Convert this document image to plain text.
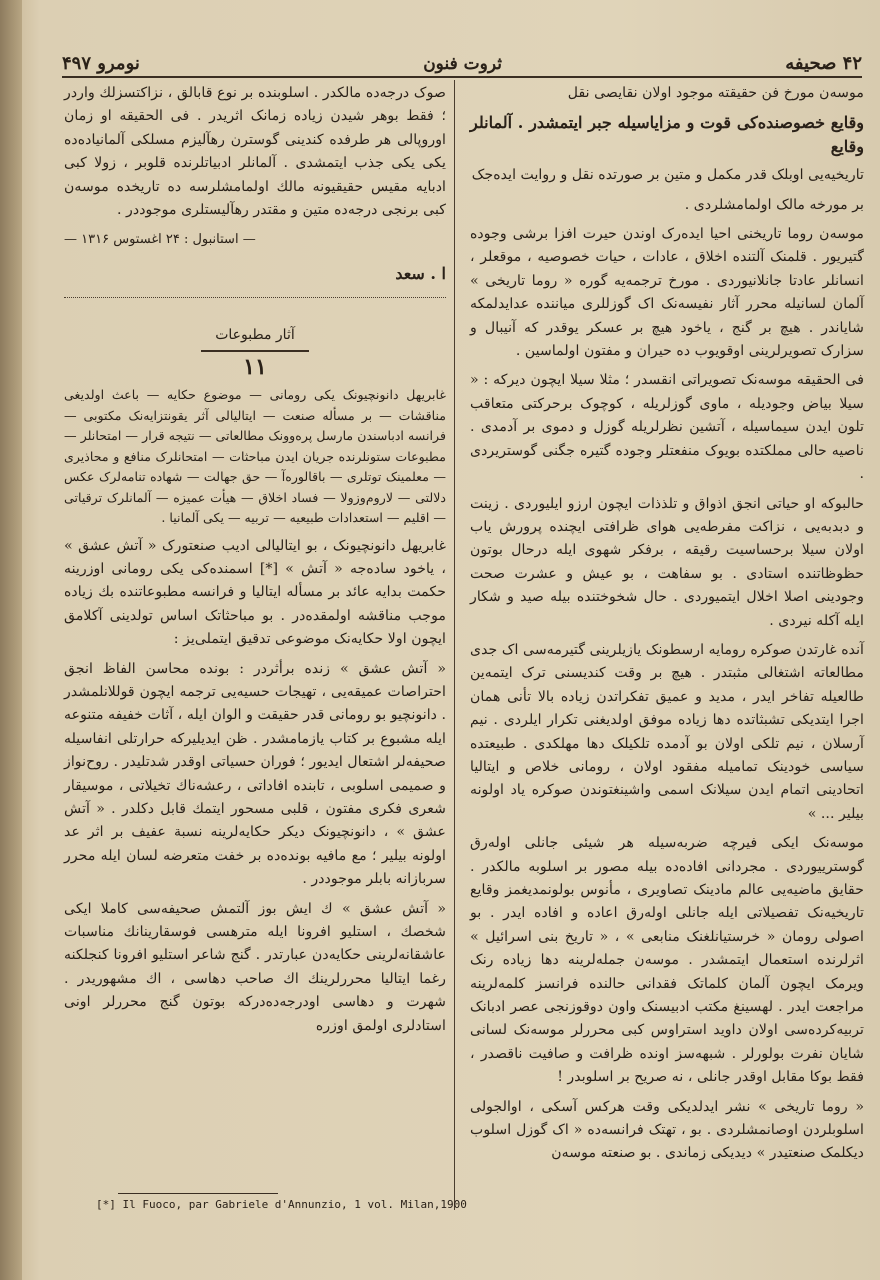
۴۲ صحیفه
ثروت فنون
نومرو ۴۹۷

موسه‌ن مورخ فن حقیقته موجود اولان نقایصی نقل

وقایع خصوصنده‌کی قوت و مزایاسیله جبر ایتمشدر . آلمانلر وقایع

تاریخیه‌یی اوبلک قدر مکمل و متین بر صورتده نقل و روایت ایده‌جک

بر مورخه مالک اولمامشلردی .

موسه‌ن روما تاریخنی احیا ایده‌رک اوندن حیرت افزا برشی وجوده گتیریور . قلمنک آلتنده اخلاق ، عادات ، حیات خصوصیه ، موقعلر ، انسانلر عادتا جانلانیوردی . مورخ ترجمه‌یه گوره « روما تاریخی » آلمان لسانیله محرر آثار نفیسه‌نک اک گوزللری میاننده عدایدلمکه شایاندر . هیچ بر گنج ، یاخود هیچ بر عسکر یوقدر که آنیبال و سزارک تصویرلرینی اوقویوب ده حیران و مفتون اولماسین .

فی الحقیقه موسه‌نک تصویراتی انقسدر ؛ مثلا سیلا ایچون دیرکه : « سیلا بیاض وجودیله ، ماوی گوزلریله ، کوچوک برحرکتی متعاقب تلون ایدن سیماسیله ، آتشین نظرلریله گوزل و دموی بر آدمدی . ناصیه حالی مملکتده بویوک منفعتلر وجوده گتیره جگنی گوستریردی .

حالبوکه او حیاتی انجق اذواق و تلذذات ایچون ارزو ایلیوردی . زینت و دبدبه‌یی ، نزاکت مفرطه‌یی هوای ظرافتی ایچنده پرورش یاب اولان سیلا برحساسیت رقیقه ، برفکر شهوی ایله درحال بوتون حظوظاتنده استادی . بو سفاهت ، بو عیش و عشرت صحت وجودینی اصلا اخلال ایتمیوردی . حال شخوختنده بیله صید و شکار ایله آکله نیردی .

آنده غارتدن صوکره رومایه ارسطونک یازیلرینی گتیرمه‌سی اک جدی مطالعاته اشتغالی مثبتدر . هیچ بر وقت کندیسنی ترک ایتمه‌ین طالعیله تفاخر ایدر ، مدید و عمیق تفکراتدن زیاده بالا تأنی همان اجرا ایتدیکی تشبثاتده دها زیاده موفق اولدیغنی تکرار ایلردی . نیم آرسلان ، نیم تلکی اولان بو آدمده تلکیلک دها مهلکدی . طبیعتده سیاسی خودینک تمامیله مفقود اولان ، رومانی خلاص و ایتالیا اتحادینی اتمام ایدن سیلانک اسمی واشینغتوندن صوکره یاد اولونه بیلیر ... »

موسه‌نک ایکی فیرچه ضربه‌سیله هر شیئی جانلی اوله‌رق گوسترییوردی . مجردانی افاده‌ده بیله مصور بر اسلوبه مالکدر . حقایق ماضیه‌یی عالم مادینک تصاویری ، مأنوس بولونمدیغمز وقایع تاریخیه‌نک تفصیلاتی ایله جانلی اوله‌رق اعاده و افاده ایدر . بو اصولی رومان « خرستیانلغنک منابعی » ، « تاریخ بنی اسرائیل » اثرلرنده استعمال ایتمشدر . موسه‌ن جمله‌لرینه دها زیاده رنک ویرمک ایچون آلمان کلماتک فقدانی حالنده فرانسز کلمه‌لرینه مراجعت ایدر . لهسینغ مکتب ادبیسنک واون دوقوزنجی عصر ادبانک تربیه‌کرده‌سی اولان داوید استراوس کبی محررلر موسه‌نک لسانی شایان نفرت بولورلر . شبهه‌سز اونده ظرافت و صافیت ناقصدر ، فقط بوکا مقابل اوقدر جانلی ، نه صریح بر اسلوبدر !

« روما تاریخی » نشر ایدلدیکی وقت هرکس آسکی ، اوالجولی اسلوبلردن اوصانمشلردی . بو ، تهتک فرانسه‌ده « اک گوزل اسلوب دیکلمک صنعتیدر » دیدیکی زماندی . بو صنعته موسه‌ن

صوک درجه‌ده مالکدر . اسلوبنده بر نوع قابالق ، نزاکتسزلك واردر ؛ فقط بوهر شیدن زیاده زمانک اثریدر . فی الحقیقه او زمان اوروپالی هر طرفده کندینی گوسترن رهآلیزم مسلکی آلمانیاده‌ده یکی یکی جذب ایتمشدی . آلمانلر ادبیاتلرنده قلوبر ، زولا کبی ادبایه مقیس حقیقیونه مالك اولمامشلرسه ده تاریخده موسه‌ن کبی برنجی درجه‌ده متین و مقتدر رهآلیستلری موجوددر .

— استانبول : ۲۴ اغستوس ۱۳۱۶ —
ا . سعد
آثار مطبوعات
۱۱

غابریهل دانونچیونک یکی رومانی — موضوع حکایه — باعث اولدیغی مناقشات — بر مسأله صنعت — ایتالیالی آثر یقونتزایه‌نک مکتوبی — فرانسه ادباسندن مارسل پره‌وونک مطالعاتی — نتیجه قرار — امتحانلر — مطبوعات ستونلرنده جریان ایدن مباحثات — امتحانلرک منافع و محاذیری — معلمینک توتلری — باقالوره‌آ — حق جهالت — شهاده تنامه‌لرک عکس دلالتی — لاروم‌وزولا — فساد اخلاق — هیأت عمیزه — آلمانلرک ترقیاتی — اقلیم — استعدادات طبیعیه — تربیه — یکی آلمانیا .

غابریهل دانونچیونک ، بو ایتالیالی ادیب صنعتورک « آتش عشق » ، یاخود ساده‌جه « آتش » [*] اسمنده‌کی یکی رومانی اوزرینه حکمت بدایه عائد بر مسأله ایتالیا و فرانسه مطبوعاتنده بك زیاده موجب مناقشه اولمقده‌در . بو مباحثاتک اساس تولدینی آکلامق ایچون اولا حکایه‌نک موضوعی تدقیق ایتملی‌یز :

« آتش عشق » زنده برأثردر : بونده محاسن الفاظ انجق احتراصات عمیقه‌یی ، تهیجات حسیه‌یی ترجمه ایچون قوللانلمشدر . دانونچیو بو رومانی قدر حقیقت و الوان ایله ، آثات خفیفه متنوعه ایله مشبوع بر کتاب یازمامشدر . ظن ایدیلیرکه حرارتلی انفاسیله صحیفه‌لر اشتعال ایدیور ؛ فوران حسیاتی اوقدر شدتلیدر . روح‌نواز و صمیمی اسلوبی ، تابنده افاداتی ، رعشه‌ناك تخیلاتی ، موسیقار شعری فکری مفتون ، قلبی مسحور ایتمك قابل دکلدر . « آتش عشق » ، دانونچیونک دیکر حکایه‌لرینه نسبة عفیف بر اثر عد اولونه بیلیر ؛ مع مافیه بونده‌ده بر خفت متعرضه لسان ایله محرر سربازانه بابلر موجوددر .

« آتش عشق » ك ایش بوز آلتمش صحیفه‌سی کاملا ایکی شخصك ، استلیو افرونا ایله مترهسی فوسقارینانك مناسبات عاشقانه‌لرینی حکایه‌دن عبارتدر . گنج شاعر استلیو افرونا کنجلکنه رغما ایتالیا محررلرینك اك صاحب دهاسی ، اك مشهوریدر . شهرت و دهاسی اودرجه‌ده‌درکه بوتون گنج محررلر اونی استادلری اولمق اوزره

[*] Il Fuoco, par Gabriele d'Annunzio, 1 vol. Milan,1900
